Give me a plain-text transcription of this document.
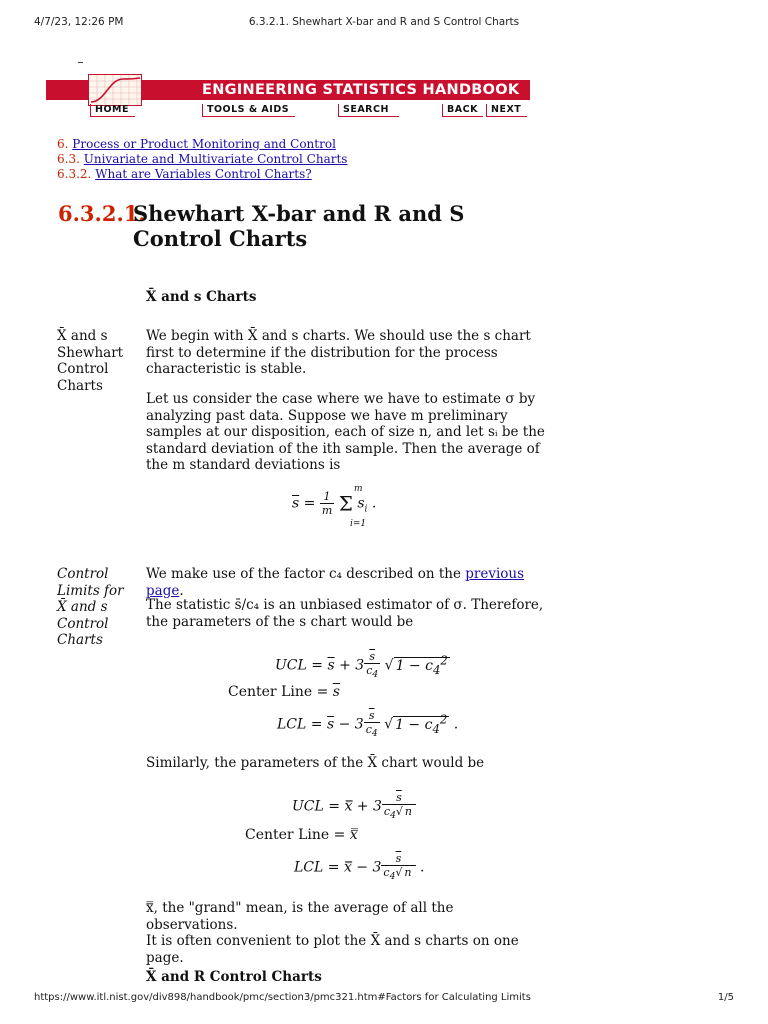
4/7/23, 12:26 PM	6.3.2.1. Shewhart X-bar and R and S Control Charts
ENGINEERING STATISTICS HANDBOOK
HOME	TOOLS & AIDS	SEARCH	BACK	NEXT
6. Process or Product Monitoring and Control
6.3. Univariate and Multivariate Control Charts
6.3.2. What are Variables Control Charts?
6.3.2.1.
Shewhart X-bar and R and S Control Charts
X̄ and s Charts
X̄ and s Shewhart Control Charts
We begin with X̄ and s charts. We should use the s chart first to determine if the distribution for the process characteristic is stable.
Let us consider the case where we have to estimate σ by analyzing past data. Suppose we have m preliminary samples at our disposition, each of size n, and let sᵢ be the standard deviation of the ith sample. Then the average of the m standard deviations is
$\overline{s} = \frac{1}{m}$ Σ
m
i=1
$s_i$ .
Control Limits for X̄ and s Control Charts
We make use of the factor c₄ described on the previous page.
The statistic s̄/c₄ is an unbiased estimator of σ. Therefore, the parameters of the s chart would be
UCL = $\overline{s} + 3 \frac{\overline{s}}{c_4}$ √ $1 - c_4^2$
Center Line = $\overline{s}$
LCL = $\overline{s} - 3 \frac{\overline{s}}{c_4}$ √ $1 - c_4^2$ .
Similarly, the parameters of the X̄ chart would be
UCL = x̿ + $3 \frac{\overline{s}}{c_4√ n}$
Center Line = x̿
LCL = x̿ − $3 \frac{\overline{s}}{c_4√ n}$ .
x̿, the "grand" mean, is the average of all the observations.
It is often convenient to plot the X̄ and s charts on one page.
X̄ and R Control Charts
https://www.itl.nist.gov/div898/handbook/pmc/section3/pmc321.htm#Factors for Calculating Limits	1/5
